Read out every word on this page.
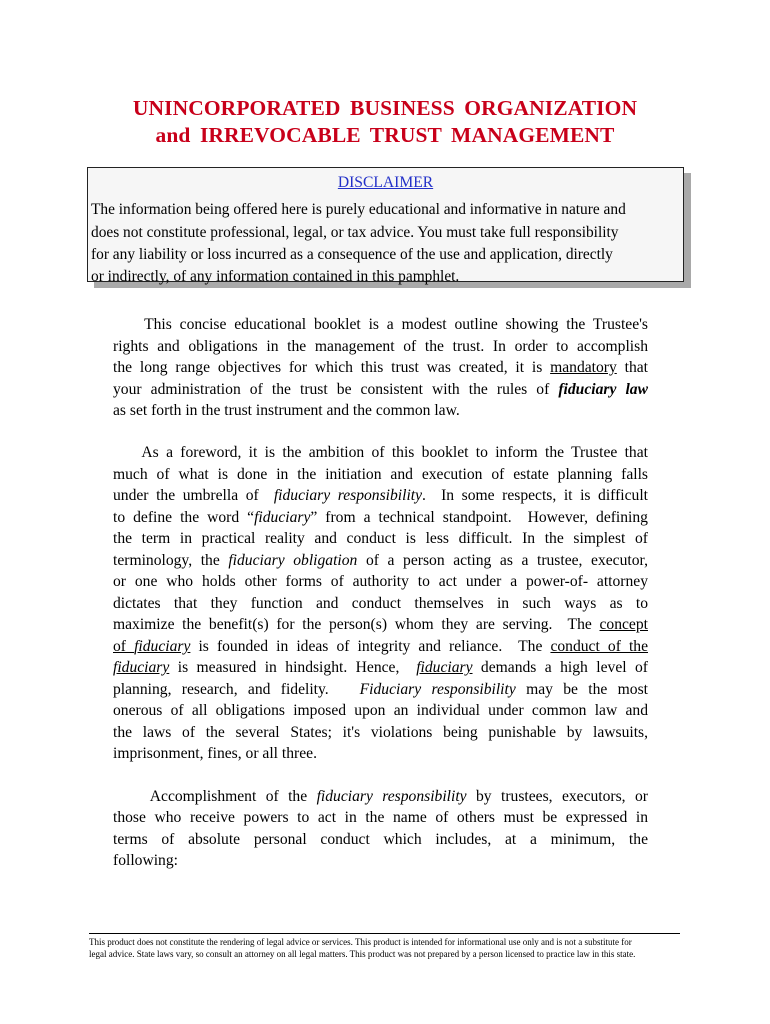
UNINCORPORATED BUSINESS ORGANIZATION
and IRREVOCABLE TRUST MANAGEMENT
DISCLAIMER
The information being offered here is purely educational and informative in nature and
does not constitute professional, legal, or tax advice. You must take full responsibility
for any liability or loss incurred as a consequence of the use and application, directly
or indirectly, of any information contained in this pamphlet.
This concise educational booklet is a modest outline showing the Trustee's
rights and obligations in the management of the trust. In order to accomplish
the long range objectives for which this trust was created, it is mandatory that
your administration of the trust be consistent with the rules of fiduciary law
as set forth in the trust instrument and the common law.
As a foreword, it is the ambition of this booklet to inform the Trustee that
much of what is done in the initiation and execution of estate planning falls
under the umbrella of  fiduciary responsibility.  In some respects, it is difficult
to define the word “fiduciary” from a technical standpoint.  However, defining
the term in practical reality and conduct is less difficult. In the simplest of
terminology, the fiduciary obligation of a person acting as a trustee, executor,
or one who holds other forms of authority to act under a power-of- attorney
dictates that they function and conduct themselves in such ways as to
maximize the benefit(s) for the person(s) whom they are serving.  The concept
of fiduciary is founded in ideas of integrity and reliance.  The conduct of the
fiduciary is measured in hindsight. Hence,  fiduciary demands a high level of
planning, research, and fidelity.   Fiduciary responsibility may be the most
onerous of all obligations imposed upon an individual under common law and
the laws of the several States; it's violations being punishable by lawsuits,
imprisonment, fines, or all three.
Accomplishment of the fiduciary responsibility by trustees, executors, or
those who receive powers to act in the name of others must be expressed in
terms of absolute personal conduct which includes, at a minimum, the
following:
This product does not constitute the rendering of legal advice or services. This product is intended for informational use only and is not a substitute for
legal advice. State laws vary, so consult an attorney on all legal matters. This product was not prepared by a person licensed to practice law in this state.
